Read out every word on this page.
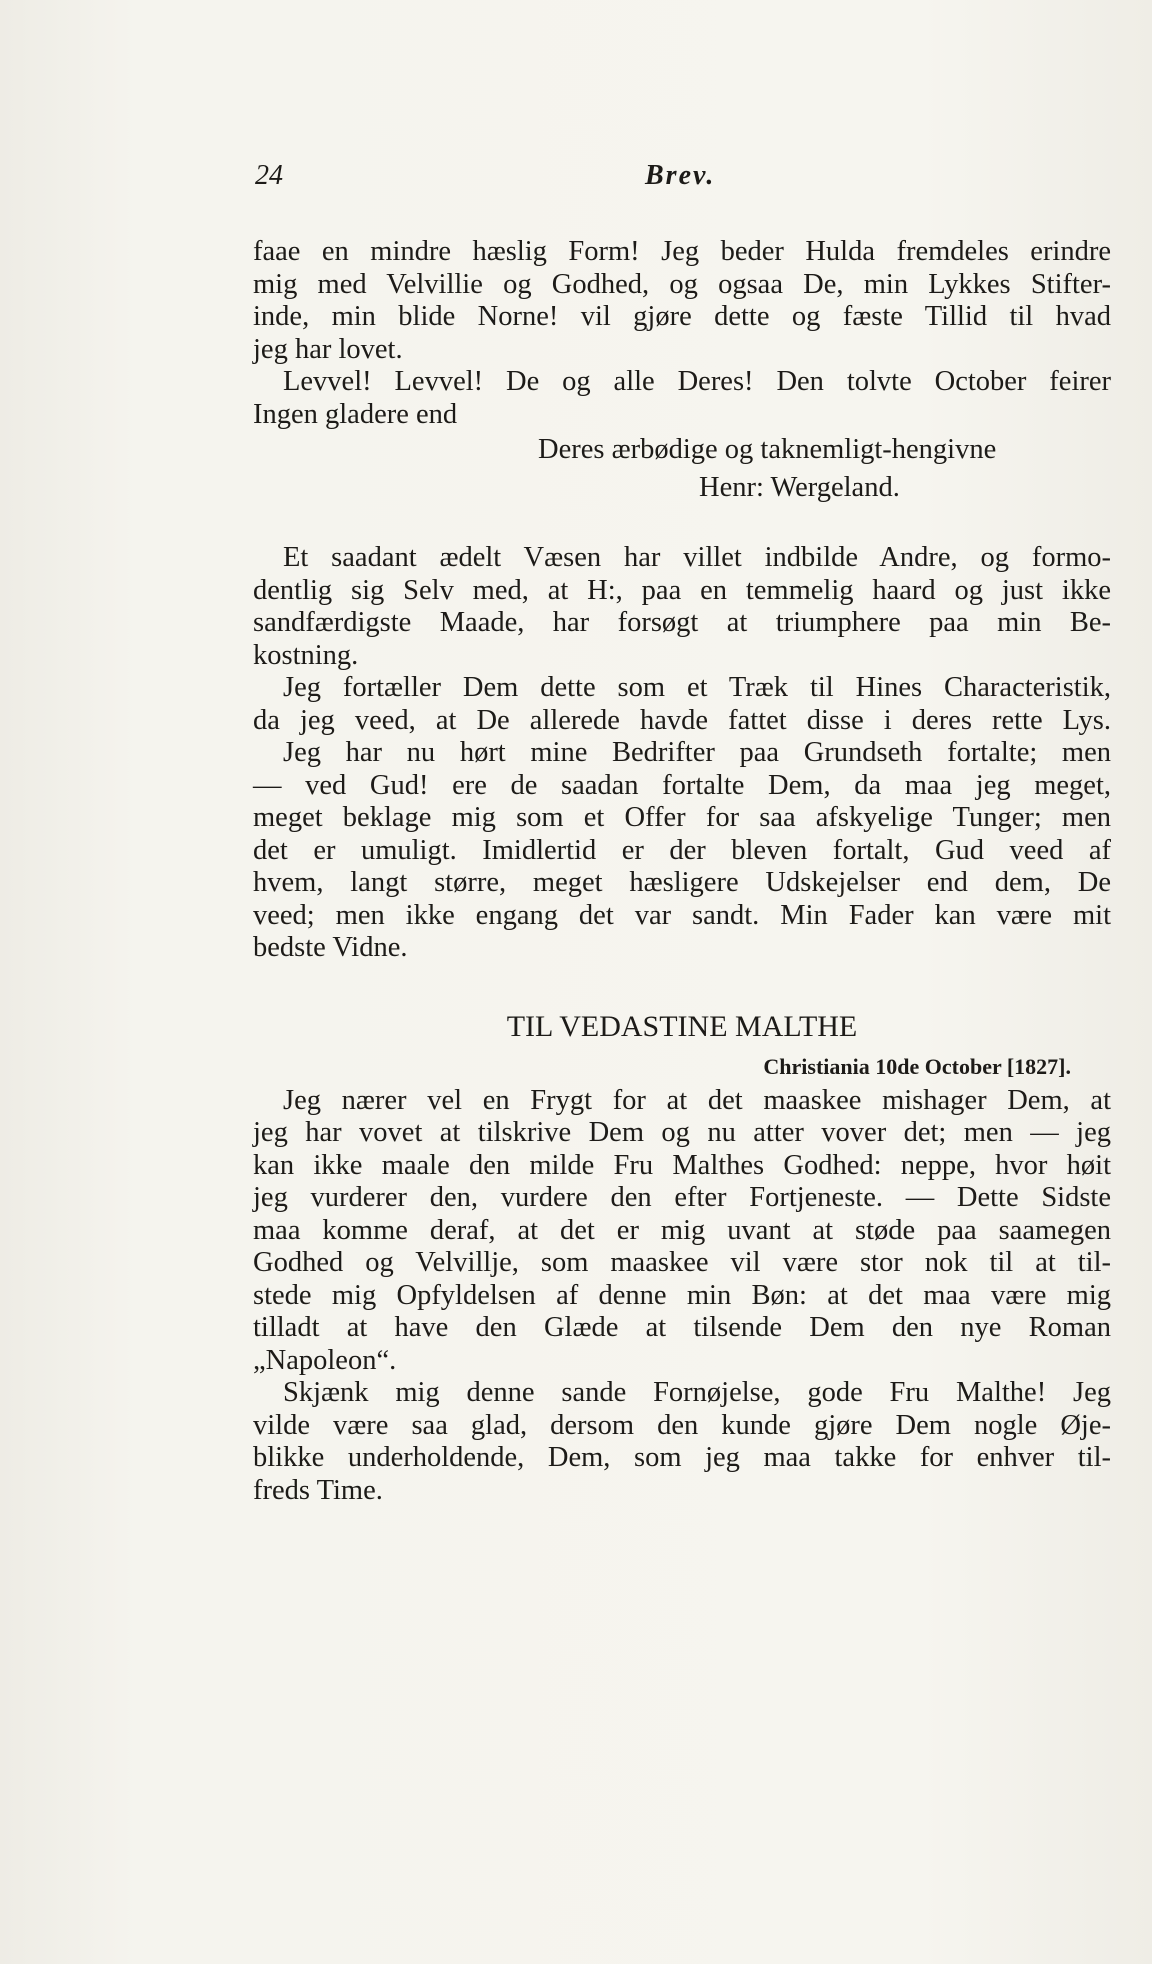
24	Brev.
faae en mindre hæslig Form! Jeg beder Hulda fremdeles erindre
mig med Velvillie og Godhed, og ogsaa De, min Lykkes Stifter-
inde, min blide Norne! vil gjøre dette og fæste Tillid til hvad
jeg har lovet.
Levvel! Levvel! De og alle Deres! Den tolvte October feirer
Ingen gladere end
Deres ærbødige og taknemligt-hengivne
Henr: Wergeland.
Et saadant ædelt Væsen har villet indbilde Andre, og formo-
dentlig sig Selv med, at H:, paa en temmelig haard og just ikke
sandfærdigste Maade, har forsøgt at triumphere paa min Be-
kostning.
Jeg fortæller Dem dette som et Træk til Hines Characteristik,
da jeg veed, at De allerede havde fattet disse i deres rette Lys.
Jeg har nu hørt mine Bedrifter paa Grundseth fortalte; men
— ved Gud! ere de saadan fortalte Dem, da maa jeg meget,
meget beklage mig som et Offer for saa afskyelige Tunger; men
det er umuligt. Imidlertid er der bleven fortalt, Gud veed af
hvem, langt større, meget hæsligere Udskejelser end dem, De
veed; men ikke engang det var sandt. Min Fader kan være mit
bedste Vidne.
TIL VEDASTINE MALTHE
Christiania 10de October [1827].
Jeg nærer vel en Frygt for at det maaskee mishager Dem, at
jeg har vovet at tilskrive Dem og nu atter vover det; men — jeg
kan ikke maale den milde Fru Malthes Godhed: neppe, hvor høit
jeg vurderer den, vurdere den efter Fortjeneste. — Dette Sidste
maa komme deraf, at det er mig uvant at støde paa saamegen
Godhed og Velvillje, som maaskee vil være stor nok til at til-
stede mig Opfyldelsen af denne min Bøn: at det maa være mig
tilladt at have den Glæde at tilsende Dem den nye Roman
„Napoleon“.
Skjænk mig denne sande Fornøjelse, gode Fru Malthe! Jeg
vilde være saa glad, dersom den kunde gjøre Dem nogle Øje-
blikke underholdende, Dem, som jeg maa takke for enhver til-
freds Time.
